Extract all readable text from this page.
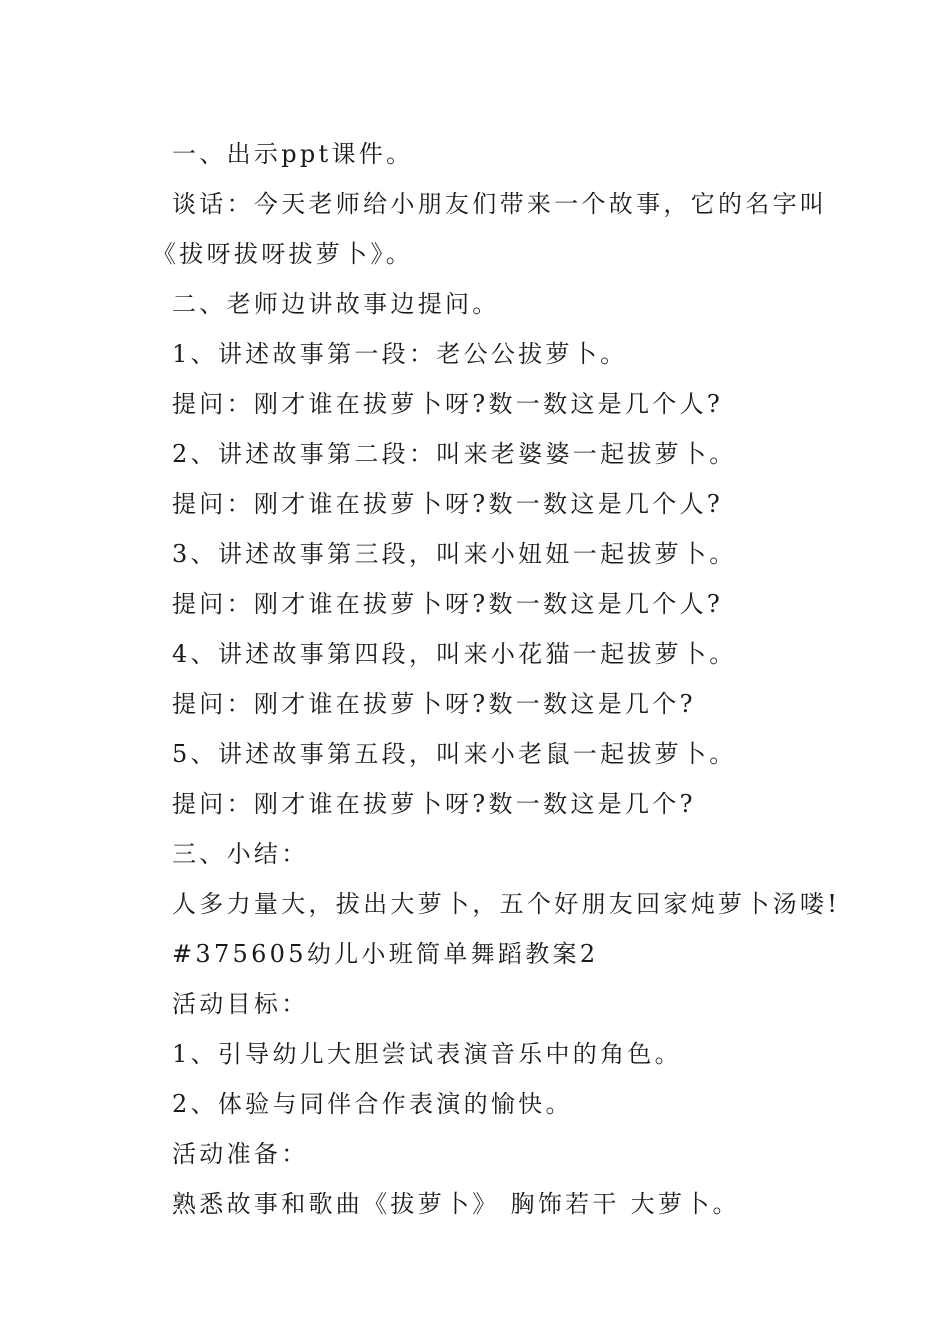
一、出示ppt课件。
谈话：今天老师给小朋友们带来一个故事，它的名字叫
《拔呀拔呀拔萝卜》。
二、老师边讲故事边提问。
1、讲述故事第一段：老公公拔萝卜。
提问：刚才谁在拔萝卜呀?数一数这是几个人?
2、讲述故事第二段：叫来老婆婆一起拔萝卜。
提问：刚才谁在拔萝卜呀?数一数这是几个人?
3、讲述故事第三段，叫来小妞妞一起拔萝卜。
提问：刚才谁在拔萝卜呀?数一数这是几个人?
4、讲述故事第四段，叫来小花猫一起拔萝卜。
提问：刚才谁在拔萝卜呀?数一数这是几个?
5、讲述故事第五段，叫来小老鼠一起拔萝卜。
提问：刚才谁在拔萝卜呀?数一数这是几个?
三、小结：
人多力量大，拔出大萝卜，五个好朋友回家炖萝卜汤喽!
#375605幼儿小班简单舞蹈教案2
活动目标：
1、引导幼儿大胆尝试表演音乐中的角色。
2、体验与同伴合作表演的愉快。
活动准备：
熟悉故事和歌曲《拔萝卜》 胸饰若干 大萝卜。
